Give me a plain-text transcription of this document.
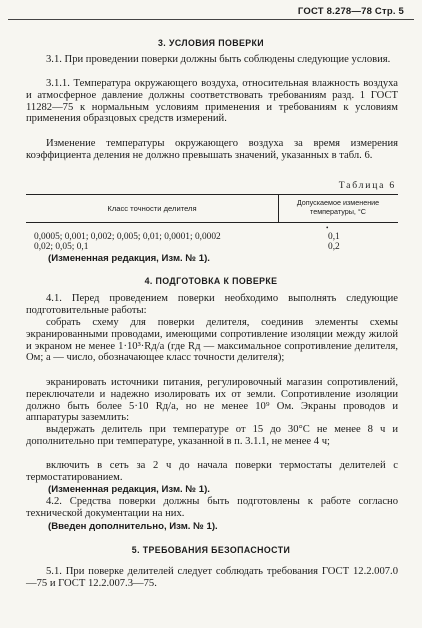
ГОСТ 8.278—78 Стр. 5
3. УСЛОВИЯ ПОВЕРКИ

3.1. При проведении поверки должны быть соблюдены следующие условия.

3.1.1. Температура окружающего воздуха, относительная влажность воздуха и атмосферное давление должны соответствовать требованиям разд. 1 ГОСТ 11282—75 к нормальным условиям применения и требованиям к условиям применения образцовых средств измерений.

Изменение температуры окружающего воздуха за время измерения коэффициента деления не должно превышать значений, указанных в табл. 6.

Таблица 6
Класс точности делителя
Допускаемое изменение
температуры, °С
•
0,0005; 0,001; 0,002; 0,005; 0,01; 0,0001; 0,0002	0,1
0,02; 0,05; 0,1	0,2
(Измененная редакция, Изм. № 1).
4. ПОДГОТОВКА К ПОВЕРКЕ

4.1. Перед проведением поверки необходимо выполнять следующие подготовительные работы:

собрать схему для поверки делителя, соединив элементы схемы экранированными проводами, имеющими сопротивление изоляции между жилой и экраном не менее 1·10³·Rд/a (где Rд — максимальное сопротивление делителя, Ом; a — число, обозначающее класс точности делителя);

экранировать источники питания, регулировочный магазин сопротивлений, переключатели и надежно изолировать их от земли. Сопротивление изоляции должно быть более 5·10 Rд/a, но не менее 10⁹ Ом. Экраны проводов и аппаратуры заземлить:

выдержать делитель при температуре от 15 до 30°С не менее 8 ч и дополнительно при температуре, указанной в п. 3.1.1, не менее 4 ч;

включить в сеть за 2 ч до начала поверки термостаты делителей с термостатированием.

(Измененная редакция, Изм. № 1).

4.2. Средства поверки должны быть подготовлены к работе согласно технической документации на них.

(Введен дополнительно, Изм. № 1).
5. ТРЕБОВАНИЯ БЕЗОПАСНОСТИ

5.1. При поверке делителей следует соблюдать требования ГОСТ 12.2.007.0—75 и ГОСТ 12.2.007.3—75.
